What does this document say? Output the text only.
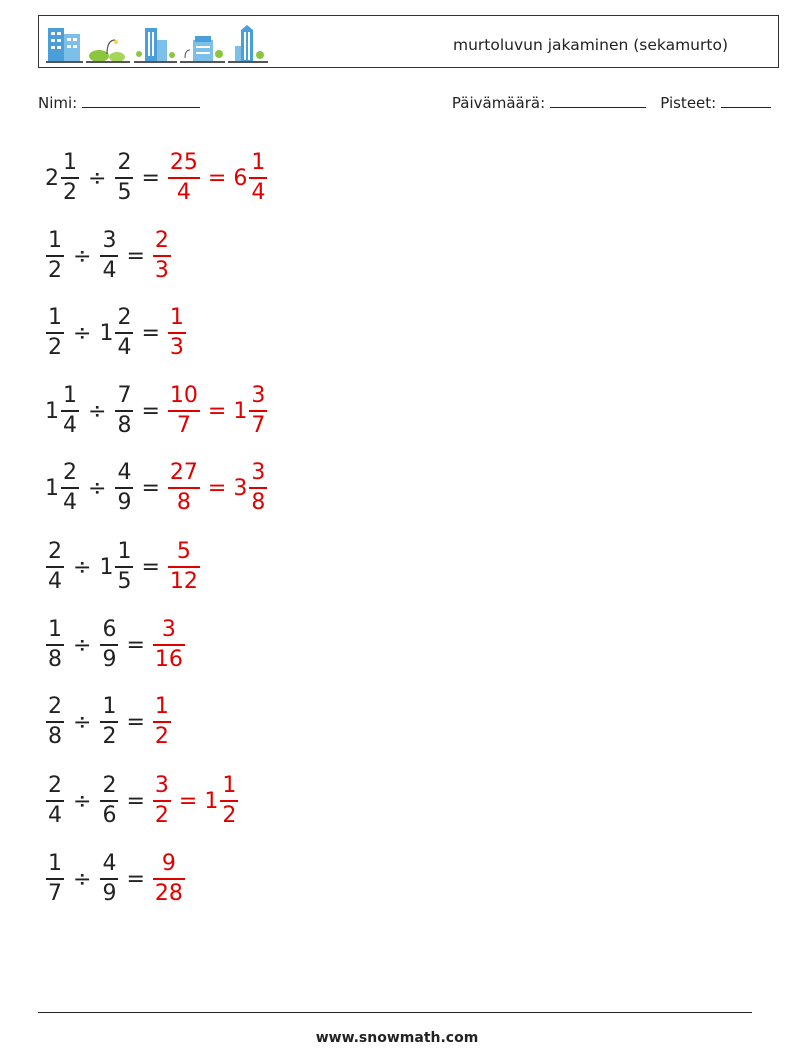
murtoluvun jakaminen (sekamurto)
Nimi:	Päivämäärä:	Pisteet:
$2 \frac{1}{2} \div \frac{2}{5} = \frac{25}{4} = 6 \frac{1}{4}$
$\frac{1}{2} \div \frac{3}{4} = \frac{2}{3}$
$\frac{1}{2} \div 1 \frac{2}{4} = \frac{1}{3}$
$1 \frac{1}{4} \div \frac{7}{8} = \frac{10}{7} = 1 \frac{3}{7}$
$1 \frac{2}{4} \div \frac{4}{9} = \frac{27}{8} = 3 \frac{3}{8}$
$\frac{2}{4} \div 1 \frac{1}{5} = \frac{5}{12}$
$\frac{1}{8} \div \frac{6}{9} = \frac{3}{16}$
$\frac{2}{8} \div \frac{1}{2} = \frac{1}{2}$
$\frac{2}{4} \div \frac{2}{6} = \frac{3}{2} = 1 \frac{1}{2}$
$\frac{1}{7} \div \frac{4}{9} = \frac{9}{28}$
www.snowmath.com
